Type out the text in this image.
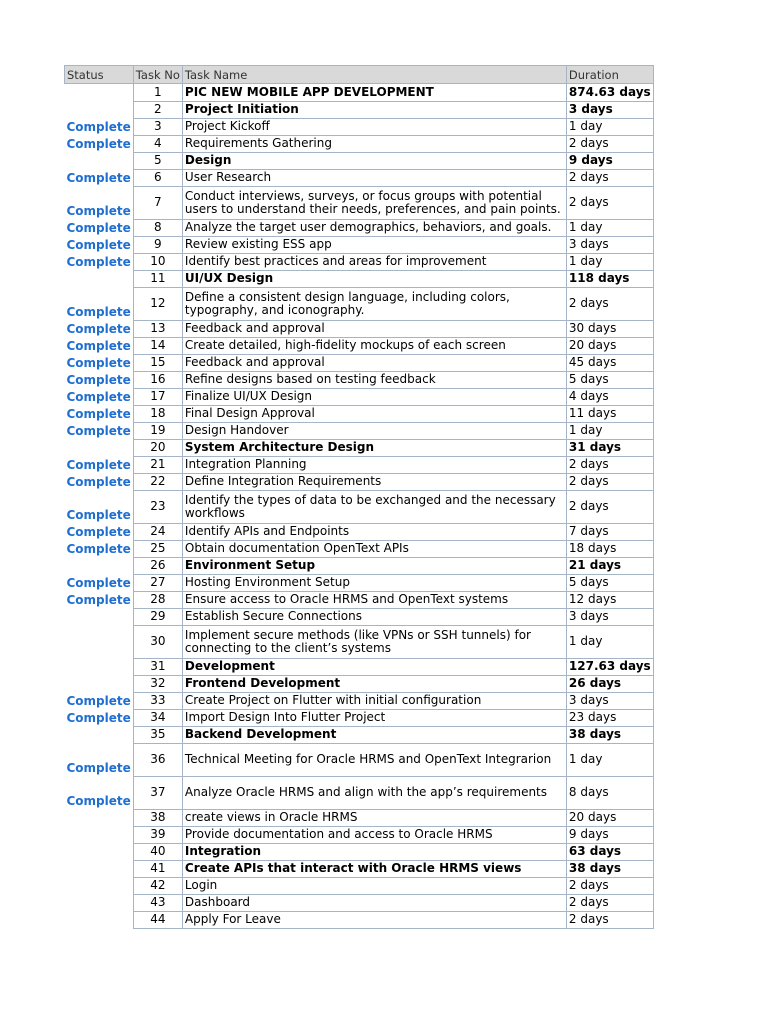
Status	Task No	Task Name	Duration
	1	PIC NEW MOBILE APP DEVELOPMENT	874.63 days
	2	Project Initiation	3 days
Complete	3	Project Kickoff	1 day
Complete	4	Requirements Gathering	2 days
	5	Design	9 days
Complete	6	User Research	2 days
Complete	7	Conduct interviews, surveys, or focus groups with potential users to understand their needs, preferences, and pain points.	2 days
Complete	8	Analyze the target user demographics, behaviors, and goals.	1 day
Complete	9	Review existing ESS app	3 days
Complete	10	Identify best practices and areas for improvement	1 day
	11	UI/UX Design	118 days
Complete	12	Define a consistent design language, including colors, typography, and iconography.	2 days
Complete	13	Feedback and approval	30 days
Complete	14	Create detailed, high-fidelity mockups of each screen	20 days
Complete	15	Feedback and approval	45 days
Complete	16	Refine designs based on testing feedback	5 days
Complete	17	Finalize UI/UX Design	4 days
Complete	18	Final Design Approval	11 days
Complete	19	Design Handover	1 day
	20	System Architecture Design	31 days
Complete	21	Integration Planning	2 days
Complete	22	Define Integration Requirements	2 days
Complete	23	Identify the types of data to be exchanged and the necessary workflows	2 days
Complete	24	Identify APIs and Endpoints	7 days
Complete	25	Obtain documentation OpenText APIs	18 days
	26	Environment Setup	21 days
Complete	27	Hosting Environment Setup	5 days
Complete	28	Ensure access to Oracle HRMS and OpenText systems	12 days
	29	Establish Secure Connections	3 days
	30	Implement secure methods (like VPNs or SSH tunnels) for connecting to the client’s systems	1 day
	31	Development	127.63 days
	32	Frontend Development	26 days
Complete	33	Create Project on Flutter with initial configuration	3 days
Complete	34	Import Design Into Flutter Project	23 days
	35	Backend Development	38 days
Complete	36	Technical Meeting for Oracle HRMS and OpenText Integrarion	1 day
Complete	37	Analyze Oracle HRMS and align with the app’s requirements	8 days
	38	create views in Oracle HRMS	20 days
	39	Provide documentation and access to Oracle HRMS	9 days
	40	Integration	63 days
	41	Create APIs that interact with Oracle HRMS views	38 days
	42	Login	2 days
	43	Dashboard	2 days
	44	Apply For Leave	2 days
